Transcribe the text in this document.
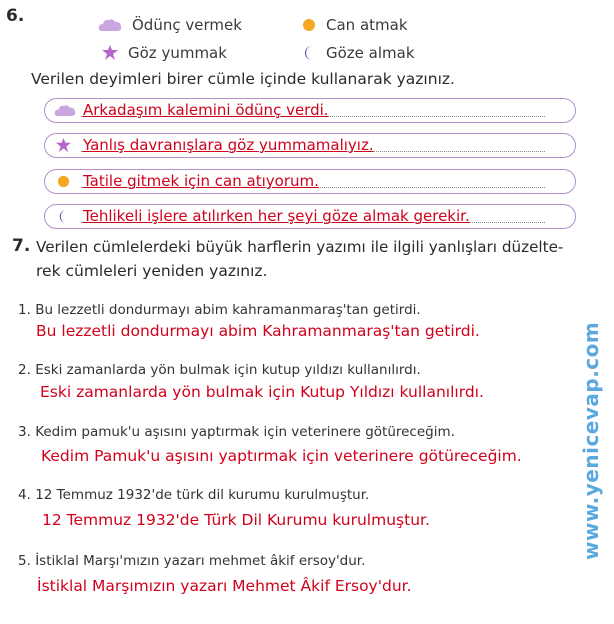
6.	Ödünç vermek	Can atmak
Göz yummak	Göze almak
Verilen deyimleri birer cümle içinde kullanarak yazınız.
Arkadaşım kalemini ödünç verdi.
Yanlış davranışlara göz yummamalıyız.
Tatile gitmek için can atıyorum.
Tehlikeli işlere atılırken her şeyi göze almak gerekir.
7. Verilen cümlelerdeki büyük harflerin yazımı ile ilgili yanlışları düzelte-
rek cümleleri yeniden yazınız.
1. Bu lezzetli dondurmayı abim kahramanmaraş'tan getirdi.
Bu lezzetli dondurmayı abim Kahramanmaraş'tan getirdi.
2. Eski zamanlarda yön bulmak için kutup yıldızı kullanılırdı.
Eski zamanlarda yön bulmak için Kutup Yıldızı kullanılırdı.
3. Kedim pamuk'u aşısını yaptırmak için veterinere götüreceğim.
Kedim Pamuk'u aşısını yaptırmak için veterinere götüreceğim.
4. 12 Temmuz 1932'de türk dil kurumu kurulmuştur.
12 Temmuz 1932'de Türk Dil Kurumu kurulmuştur.
5. İstiklal Marşı'mızın yazarı mehmet âkif ersoy'dur.
İstiklal Marşımızın yazarı Mehmet Âkif Ersoy'dur.
www.yenicevap.com
